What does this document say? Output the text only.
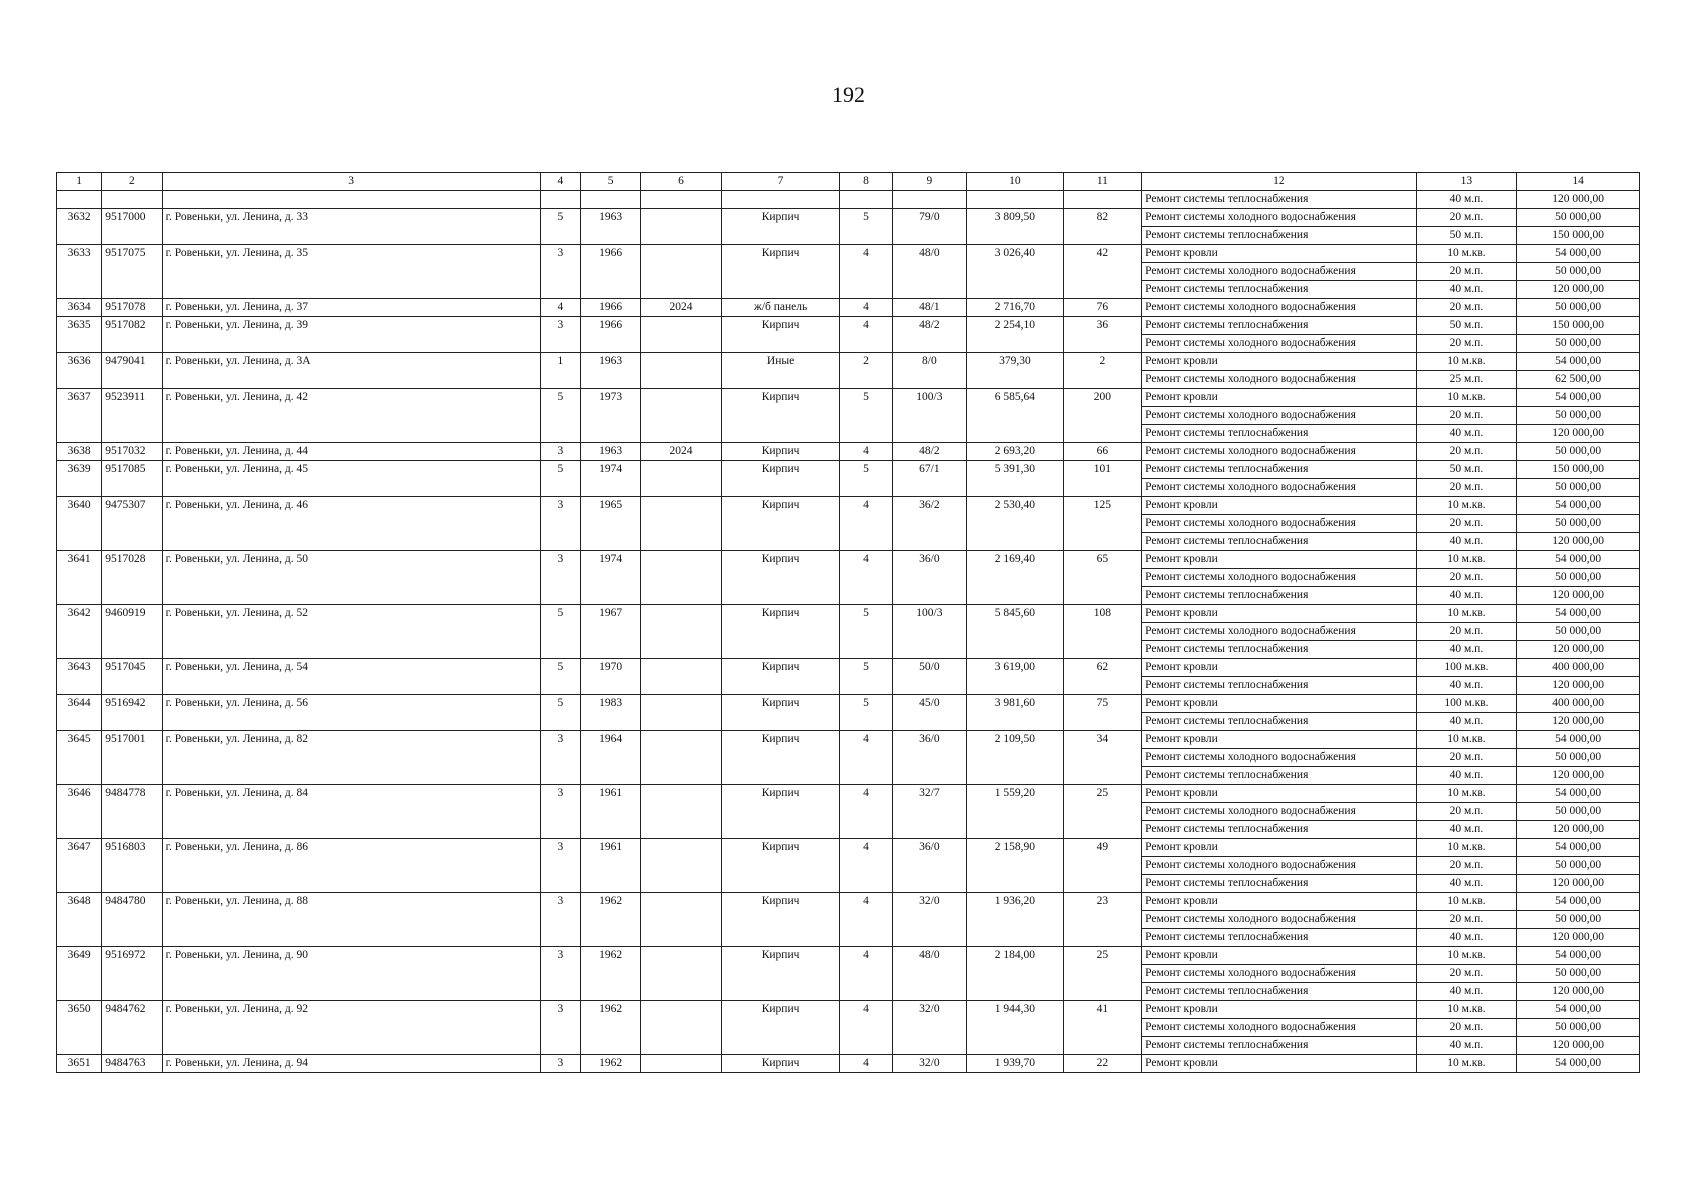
192
1	2	3	4	5	6	7	8	9	10	11	12	13	14
											Ремонт системы теплоснабжения	40 м.п.	120 000,00
3632	9517000	г. Ровеньки, ул. Ленина, д. 33	5	1963		Кирпич	5	79/0	3 809,50	82	Ремонт системы холодного водоснабжения	20 м.п.	50 000,00
											Ремонт системы теплоснабжения	50 м.п.	150 000,00
3633	9517075	г. Ровеньки, ул. Ленина, д. 35	3	1966		Кирпич	4	48/0	3 026,40	42	Ремонт кровли	10 м.кв.	54 000,00
											Ремонт системы холодного водоснабжения	20 м.п.	50 000,00
											Ремонт системы теплоснабжения	40 м.п.	120 000,00
3634	9517078	г. Ровеньки, ул. Ленина, д. 37	4	1966	2024	ж/б панель	4	48/1	2 716,70	76	Ремонт системы холодного водоснабжения	20 м.п.	50 000,00
3635	9517082	г. Ровеньки, ул. Ленина, д. 39	3	1966		Кирпич	4	48/2	2 254,10	36	Ремонт системы теплоснабжения	50 м.п.	150 000,00
											Ремонт системы холодного водоснабжения	20 м.п.	50 000,00
3636	9479041	г. Ровеньки, ул. Ленина, д. 3А	1	1963		Иные	2	8/0	379,30	2	Ремонт кровли	10 м.кв.	54 000,00
											Ремонт системы холодного водоснабжения	25 м.п.	62 500,00
3637	9523911	г. Ровеньки, ул. Ленина, д. 42	5	1973		Кирпич	5	100/3	6 585,64	200	Ремонт кровли	10 м.кв.	54 000,00
											Ремонт системы холодного водоснабжения	20 м.п.	50 000,00
											Ремонт системы теплоснабжения	40 м.п.	120 000,00
3638	9517032	г. Ровеньки, ул. Ленина, д. 44	3	1963	2024	Кирпич	4	48/2	2 693,20	66	Ремонт системы холодного водоснабжения	20 м.п.	50 000,00
3639	9517085	г. Ровеньки, ул. Ленина, д. 45	5	1974		Кирпич	5	67/1	5 391,30	101	Ремонт системы теплоснабжения	50 м.п.	150 000,00
											Ремонт системы холодного водоснабжения	20 м.п.	50 000,00
3640	9475307	г. Ровеньки, ул. Ленина, д. 46	3	1965		Кирпич	4	36/2	2 530,40	125	Ремонт кровли	10 м.кв.	54 000,00
											Ремонт системы холодного водоснабжения	20 м.п.	50 000,00
											Ремонт системы теплоснабжения	40 м.п.	120 000,00
3641	9517028	г. Ровеньки, ул. Ленина, д. 50	3	1974		Кирпич	4	36/0	2 169,40	65	Ремонт кровли	10 м.кв.	54 000,00
											Ремонт системы холодного водоснабжения	20 м.п.	50 000,00
											Ремонт системы теплоснабжения	40 м.п.	120 000,00
3642	9460919	г. Ровеньки, ул. Ленина, д. 52	5	1967		Кирпич	5	100/3	5 845,60	108	Ремонт кровли	10 м.кв.	54 000,00
											Ремонт системы холодного водоснабжения	20 м.п.	50 000,00
											Ремонт системы теплоснабжения	40 м.п.	120 000,00
3643	9517045	г. Ровеньки, ул. Ленина, д. 54	5	1970		Кирпич	5	50/0	3 619,00	62	Ремонт кровли	100 м.кв.	400 000,00
											Ремонт системы теплоснабжения	40 м.п.	120 000,00
3644	9516942	г. Ровеньки, ул. Ленина, д. 56	5	1983		Кирпич	5	45/0	3 981,60	75	Ремонт кровли	100 м.кв.	400 000,00
											Ремонт системы теплоснабжения	40 м.п.	120 000,00
3645	9517001	г. Ровеньки, ул. Ленина, д. 82	3	1964		Кирпич	4	36/0	2 109,50	34	Ремонт кровли	10 м.кв.	54 000,00
											Ремонт системы холодного водоснабжения	20 м.п.	50 000,00
											Ремонт системы теплоснабжения	40 м.п.	120 000,00
3646	9484778	г. Ровеньки, ул. Ленина, д. 84	3	1961		Кирпич	4	32/7	1 559,20	25	Ремонт кровли	10 м.кв.	54 000,00
											Ремонт системы холодного водоснабжения	20 м.п.	50 000,00
											Ремонт системы теплоснабжения	40 м.п.	120 000,00
3647	9516803	г. Ровеньки, ул. Ленина, д. 86	3	1961		Кирпич	4	36/0	2 158,90	49	Ремонт кровли	10 м.кв.	54 000,00
											Ремонт системы холодного водоснабжения	20 м.п.	50 000,00
											Ремонт системы теплоснабжения	40 м.п.	120 000,00
3648	9484780	г. Ровеньки, ул. Ленина, д. 88	3	1962		Кирпич	4	32/0	1 936,20	23	Ремонт кровли	10 м.кв.	54 000,00
											Ремонт системы холодного водоснабжения	20 м.п.	50 000,00
											Ремонт системы теплоснабжения	40 м.п.	120 000,00
3649	9516972	г. Ровеньки, ул. Ленина, д. 90	3	1962		Кирпич	4	48/0	2 184,00	25	Ремонт кровли	10 м.кв.	54 000,00
											Ремонт системы холодного водоснабжения	20 м.п.	50 000,00
											Ремонт системы теплоснабжения	40 м.п.	120 000,00
3650	9484762	г. Ровеньки, ул. Ленина, д. 92	3	1962		Кирпич	4	32/0	1 944,30	41	Ремонт кровли	10 м.кв.	54 000,00
											Ремонт системы холодного водоснабжения	20 м.п.	50 000,00
											Ремонт системы теплоснабжения	40 м.п.	120 000,00
3651	9484763	г. Ровеньки, ул. Ленина, д. 94	3	1962		Кирпич	4	32/0	1 939,70	22	Ремонт кровли	10 м.кв.	54 000,00
